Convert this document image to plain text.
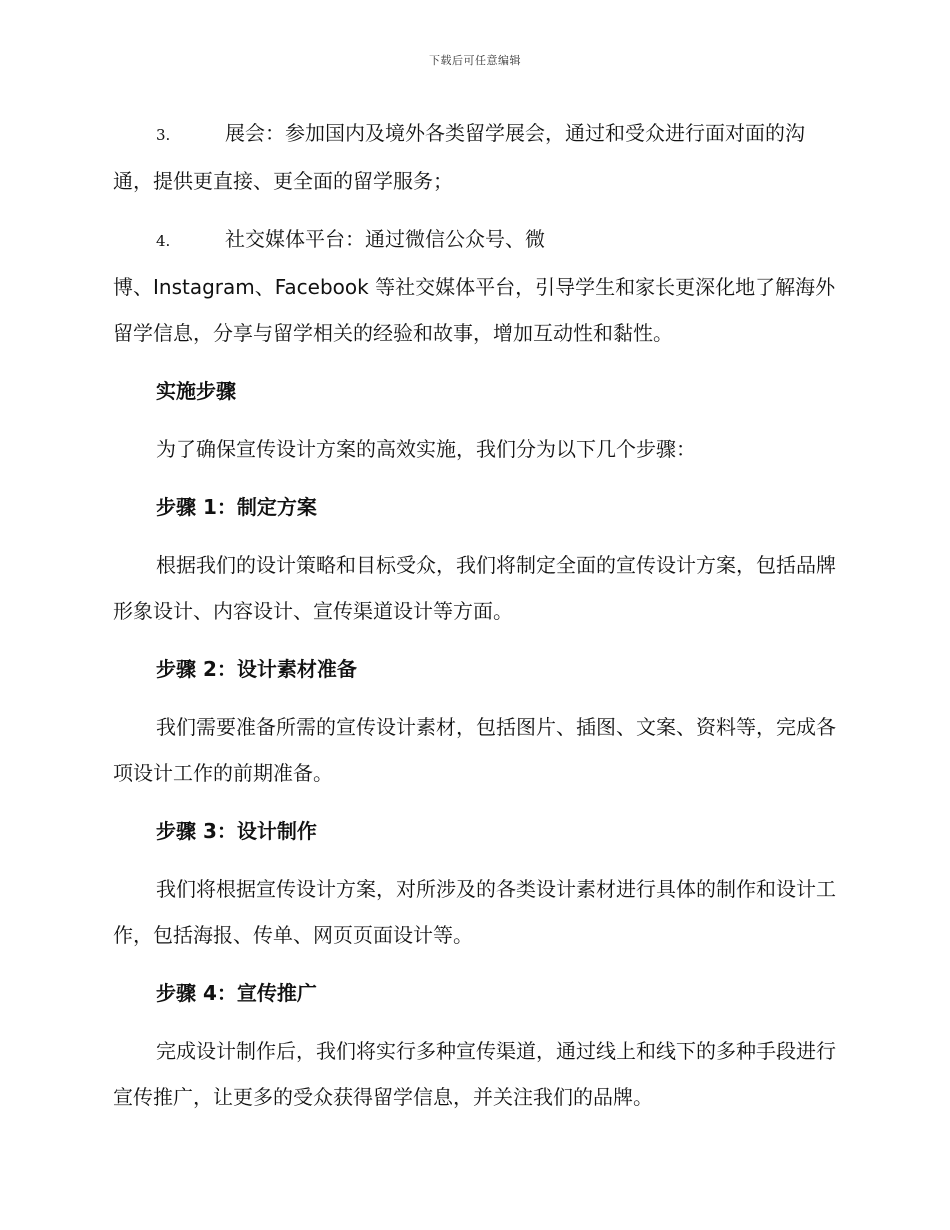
下载后可任意编辑

3.	展会：参加国内及境外各类留学展会，通过和受众进行面对面的沟通，提供更直接、更全面的留学服务；

4.	社交媒体平台：通过微信公众号、微
博、Instagram、Facebook 等社交媒体平台，引导学生和家长更深化地了解海外留学信息，分享与留学相关的经验和故事，增加互动性和黏性。

实施步骤

为了确保宣传设计方案的高效实施，我们分为以下几个步骤：

步骤 1：制定方案

根据我们的设计策略和目标受众，我们将制定全面的宣传设计方案，包括品牌形象设计、内容设计、宣传渠道设计等方面。

步骤 2：设计素材准备

我们需要准备所需的宣传设计素材，包括图片、插图、文案、资料等，完成各项设计工作的前期准备。

步骤 3：设计制作

我们将根据宣传设计方案，对所涉及的各类设计素材进行具体的制作和设计工作，包括海报、传单、网页页面设计等。

步骤 4：宣传推广

完成设计制作后，我们将实行多种宣传渠道，通过线上和线下的多种手段进行宣传推广，让更多的受众获得留学信息，并关注我们的品牌。
